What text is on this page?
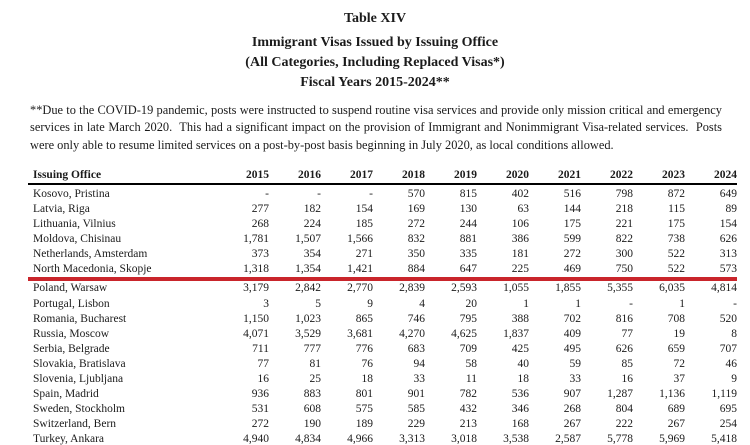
Table XIV
Immigrant Visas Issued by Issuing Office
(All Categories, Including Replaced Visas*)
Fiscal Years 2015-2024**

**Due to the COVID-19 pandemic, posts were instructed to suspend routine visa services and provide only mission critical and emergency services in late March 2020.  This had a significant impact on the provision of Immigrant and Nonimmigrant Visa-related services.  Posts were only able to resume limited services on a post-by-post basis beginning in July 2020, as local conditions allowed.

Issuing Office	2015	2016	2017	2018	2019	2020	2021	2022	2023	2024
Kosovo, Pristina	-	-	-	570	815	402	516	798	872	649
Latvia, Riga	277	182	154	169	130	63	144	218	115	89
Lithuania, Vilnius	268	224	185	272	244	106	175	221	175	154
Moldova, Chisinau	1,781	1,507	1,566	832	881	386	599	822	738	626
Netherlands, Amsterdam	373	354	271	350	335	181	272	300	522	313
North Macedonia, Skopje	1,318	1,354	1,421	884	647	225	469	750	522	573
Poland, Warsaw	3,179	2,842	2,770	2,839	2,593	1,055	1,855	5,355	6,035	4,814
Portugal, Lisbon	3	5	9	4	20	1	1	-	1	-
Romania, Bucharest	1,150	1,023	865	746	795	388	702	816	708	520
Russia, Moscow	4,071	3,529	3,681	4,270	4,625	1,837	409	77	19	8
Serbia, Belgrade	711	777	776	683	709	425	495	626	659	707
Slovakia, Bratislava	77	81	76	94	58	40	59	85	72	46
Slovenia, Ljubljana	16	25	18	33	11	18	33	16	37	9
Spain, Madrid	936	883	801	901	782	536	907	1,287	1,136	1,119
Sweden, Stockholm	531	608	575	585	432	346	268	804	689	695
Switzerland, Bern	272	190	189	229	213	168	267	222	267	254
Turkey, Ankara	4,940	4,834	4,966	3,313	3,018	3,538	2,587	5,778	5,969	5,418
